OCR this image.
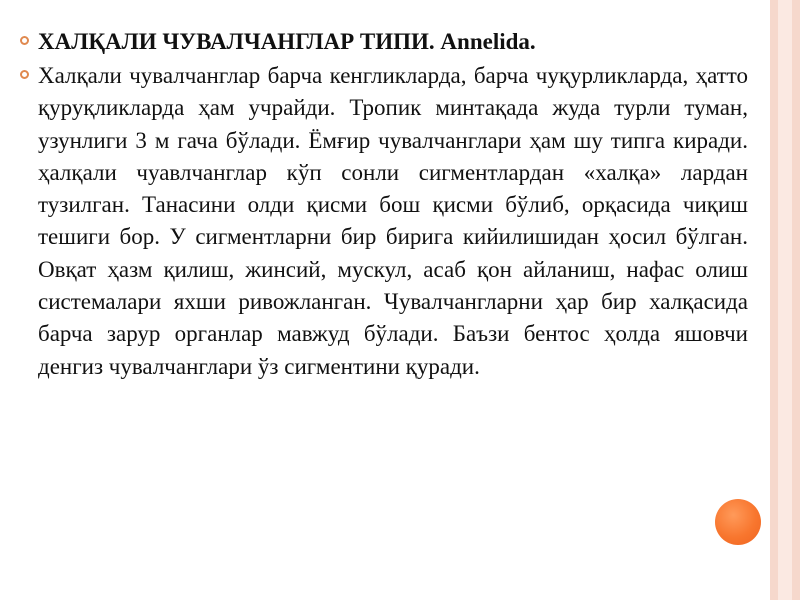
ХАЛҚАЛИ ЧУВАЛЧАНГЛАР ТИПИ. Annelida.
Халқали чувалчанглар барча кенгликларда, барча чуқурликларда, ҳатто қуруқликларда ҳам учрайди. Тропик минтақада жуда турли туман, узунлиги 3 м гача бўлади. Ёмғир чувалчанглари ҳам шу типга киради. ҳалқали чуавлчанглар кўп сонли сигментлардан «халқа» лардан тузилган. Танасини олди қисми бош қисми бўлиб, орқасида чиқиш тешиги бор. У сигментларни бир бирига кийилишидан ҳосил бўлган. Овқат ҳазм қилиш, жинсий, мускул, асаб қон айланиш, нафас олиш системалари яхши ривожланган. Чувалчангларни ҳар бир халқасида барча зарур органлар мавжуд бўлади. Баъзи бентос ҳолда яшовчи денгиз чувалчанглари ўз сигментини қуради.
